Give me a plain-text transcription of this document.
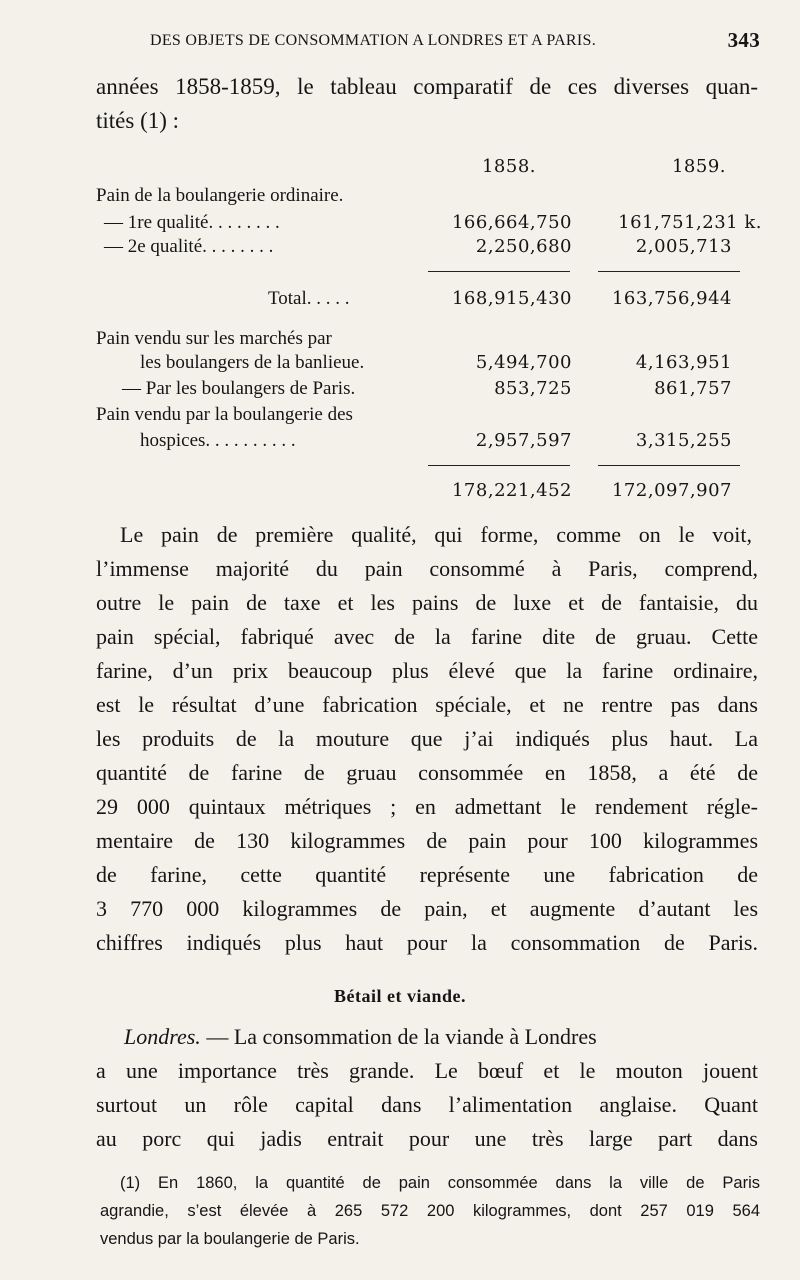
DES OBJETS DE CONSOMMATION A LONDRES ET A PARIS.	343
années 1858-1859, le tableau comparatif de ces diverses quan-
tités (1) :
1858.	1859.
Pain de la boulangerie ordinaire.
— 1re qualité. . . . . . . .	166,664,750	161,751,231 k.
— 2e qualité. . . . . . . .	2,250,680	2,005,713
Total. . . . .	168,915,430 163,756,944
Pain vendu sur les marchés par
les boulangers de la banlieue.	5,494,700	4,163,951
— Par les boulangers de Paris.	853,725	861,757
Pain vendu par la boulangerie des
hospices. . . . . . . . . .	2,957,597	3,315,255
178,221,452 172,097,907
Le pain de première qualité, qui forme, comme on le voit,
l’immense majorité du pain consommé à Paris, comprend,
outre le pain de taxe et les pains de luxe et de fantaisie, du
pain spécial, fabriqué avec de la farine dite de gruau. Cette
farine, d’un prix beaucoup plus élevé que la farine ordinaire,
est le résultat d’une fabrication spéciale, et ne rentre pas dans
les produits de la mouture que j’ai indiqués plus haut. La
quantité de farine de gruau consommée en 1858, a été de
29 000 quintaux métriques ; en admettant le rendement régle-
mentaire de 130 kilogrammes de pain pour 100 kilogrammes
de farine, cette quantité représente une fabrication de
3 770 000 kilogrammes de pain, et augmente d’autant les
chiffres indiqués plus haut pour la consommation de Paris.
Bétail et viande.
Londres. — La consommation de la viande à Londres
a une importance très grande. Le bœuf et le mouton jouent
surtout un rôle capital dans l’alimentation anglaise. Quant
au porc qui jadis entrait pour une très large part dans
(1) En 1860, la quantité de pain consommée dans la ville de Paris
agrandie, s’est élevée à 265 572 200 kilogrammes, dont 257 019 564
vendus par la boulangerie de Paris.
